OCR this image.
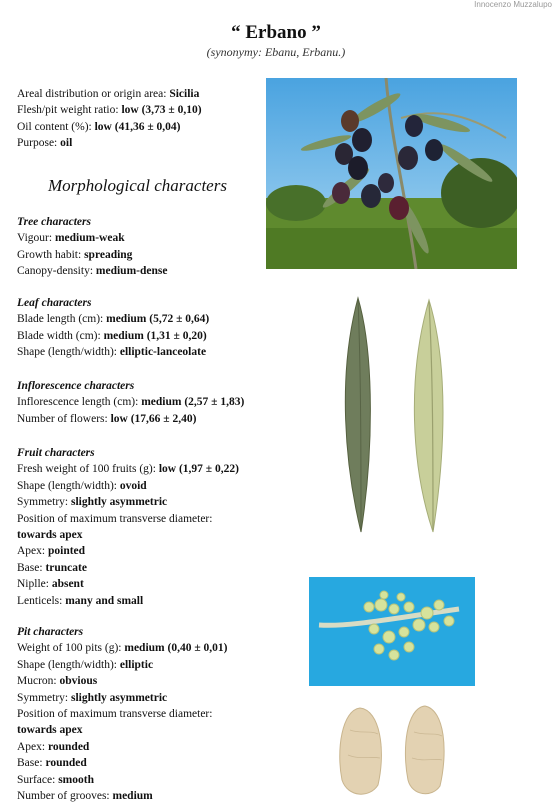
Innocenzo Muzzalupo
“ Erbano ”
(synonymy: Ebanu, Erbanu.)
Areal distribution or origin area: Sicilia
Flesh/pit weight ratio: low (3,73 ± 0,10)
Oil content (%): low (41,36 ± 0,04)
Purpose: oil
Morphological characters
Tree characters
Vigour: medium-weak
Growth habit: spreading
Canopy-density: medium-dense
Leaf characters
Blade length (cm): medium (5,72 ± 0,64)
Blade width (cm): medium (1,31 ± 0,20)
Shape (length/width): elliptic-lanceolate
Inflorescence characters
Inflorescence length (cm): medium (2,57 ± 1,83)
Number of flowers: low (17,66 ± 2,40)
Fruit characters
Fresh weight of 100 fruits (g): low (1,97 ± 0,22)
Shape (length/width): ovoid
Symmetry: slightly asymmetric
Position of maximum transverse diameter:
towards apex
Apex: pointed
Base: truncate
Niplle: absent
Lenticels: many and small
Pit characters
Weight of 100 pits (g): medium (0,40 ± 0,01)
Shape (length/width): elliptic
Mucron: obvious
Symmetry: slightly asymmetric
Position of maximum transverse diameter:
towards apex
Apex: rounded
Base: rounded
Surface: smooth
Number of grooves: medium
